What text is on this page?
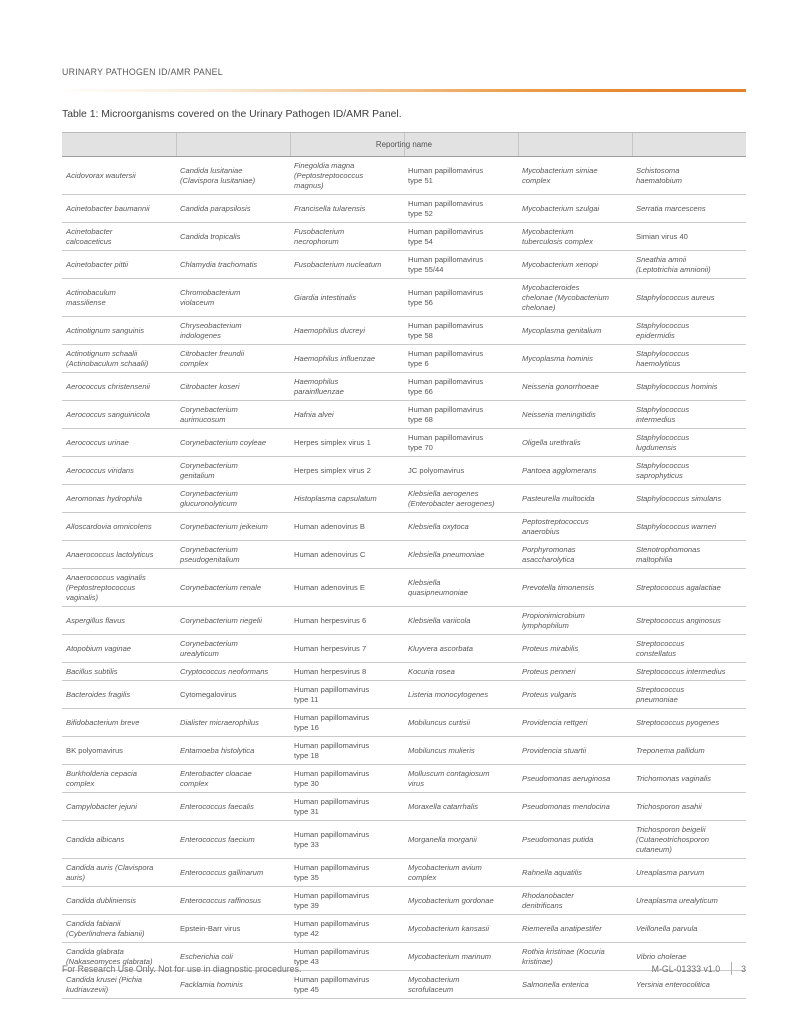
URINARY PATHOGEN ID/AMR PANEL
Table 1: Microorganisms covered on the Urinary Pathogen ID/AMR Panel.
Reporting name					
Acidovorax wautersii	Candida lusitaniae (Clavispora lusitaniae)	Finegoldia magna (Peptostreptococcus magnus)	Human papillomavirus type 51	Mycobacterium simiae complex	Schistosoma haematobium
Acinetobacter baumannii	Candida parapsilosis	Francisella tularensis	Human papillomavirus type 52	Mycobacterium szulgai	Serratia marcescens
Acinetobacter calcoaceticus	Candida tropicalis	Fusobacterium necrophorum	Human papillomavirus type 54	Mycobacterium tuberculosis complex	Simian virus 40
Acinetobacter pittii	Chlamydia trachomatis	Fusobacterium nucleatum	Human papillomavirus type 55/44	Mycobacterium xenopi	Sneathia amnii (Leptotrichia amnionii)
Actinobaculum massiliense	Chromobacterium violaceum	Giardia intestinalis	Human papillomavirus type 56	Mycobacteroides chelonae (Mycobacterium chelonae)	Staphylococcus aureus
Actinotignum sanguinis	Chryseobacterium indologenes	Haemophilus ducreyi	Human papillomavirus type 58	Mycoplasma genitalium	Staphylococcus epidermidis
Actinotignum schaalii (Actinobaculum schaalii)	Citrobacter freundii complex	Haemophilus influenzae	Human papillomavirus type 6	Mycoplasma hominis	Staphylococcus haemolyticus
Aerococcus christensenii	Citrobacter koseri	Haemophilus parainfluenzae	Human papillomavirus type 66	Neisseria gonorrhoeae	Staphylococcus hominis
Aerococcus sanguinicola	Corynebacterium aurimucosum	Hafnia alvei	Human papillomavirus type 68	Neisseria meningitidis	Staphylococcus intermedius
Aerococcus urinae	Corynebacterium coyleae	Herpes simplex virus 1	Human papillomavirus type 70	Oligella urethralis	Staphylococcus lugdunensis
Aerococcus viridans	Corynebacterium genitalium	Herpes simplex virus 2	JC polyomavirus	Pantoea agglomerans	Staphylococcus saprophyticus
Aeromonas hydrophila	Corynebacterium glucuronolyticum	Histoplasma capsulatum	Klebsiella aerogenes (Enterobacter aerogenes)	Pasteurella multocida	Staphylococcus simulans
Alloscardovia omnicolens	Corynebacterium jeikeium	Human adenovirus B	Klebsiella oxytoca	Peptostreptococcus anaerobius	Staphylococcus warneri
Anaerococcus lactolyticus	Corynebacterium pseudogenitalium	Human adenovirus C	Klebsiella pneumoniae	Porphyromonas asaccharolytica	Stenotrophomonas maltophilia
Anaerococcus vaginalis (Peptostreptococcus vaginalis)	Corynebacterium renale	Human adenovirus E	Klebsiella quasipneumoniae	Prevotella timonensis	Streptococcus agalactiae
Aspergillus flavus	Corynebacterium riegelii	Human herpesvirus 6	Klebsiella variicola	Propionimicrobium lymphophilum	Streptococcus anginosus
Atopobium vaginae	Corynebacterium urealyticum	Human herpesvirus 7	Kluyvera ascorbata	Proteus mirabilis	Streptococcus constellatus
Bacillus subtilis	Cryptococcus neoformans	Human herpesvirus 8	Kocuria rosea	Proteus penneri	Streptococcus intermedius
Bacteroides fragilis	Cytomegalovirus	Human papillomavirus type 11	Listeria monocytogenes	Proteus vulgaris	Streptococcus pneumoniae
Bifidobacterium breve	Dialister micraerophilus	Human papillomavirus type 16	Mobiluncus curtisii	Providencia rettgeri	Streptococcus pyogenes
BK polyomavirus	Entamoeba histolytica	Human papillomavirus type 18	Mobiluncus mulieris	Providencia stuartii	Treponema pallidum
Burkholderia cepacia complex	Enterobacter cloacae complex	Human papillomavirus type 30	Molluscum contagiosum virus	Pseudomonas aeruginosa	Trichomonas vaginalis
Campylobacter jejuni	Enterococcus faecalis	Human papillomavirus type 31	Moraxella catarrhalis	Pseudomonas mendocina	Trichosporon asahii
Candida albicans	Enterococcus faecium	Human papillomavirus type 33	Morganella morganii	Pseudomonas putida	Trichosporon beigelii (Cutaneotrichosporon cutaneum)
Candida auris (Clavispora auris)	Enterococcus gallinarum	Human papillomavirus type 35	Mycobacterium avium complex	Rahnella aquatilis	Ureaplasma parvum
Candida dubliniensis	Enterococcus raffinosus	Human papillomavirus type 39	Mycobacterium gordonae	Rhodanobacter denitrificans	Ureaplasma urealyticum
Candida fabianii (Cyberlindnera fabianii)	Epstein-Barr virus	Human papillomavirus type 42	Mycobacterium kansasii	Riemerella anatipestifer	Veillonella parvula
Candida glabrata (Nakaseomyces glabrata)	Escherichia coli	Human papillomavirus type 43	Mycobacterium marinum	Rothia kristinae (Kocuria kristinae)	Vibrio cholerae
Candida krusei (Pichia kudriavzevii)	Facklamia hominis	Human papillomavirus type 45	Mycobacterium scrofulaceum	Salmonella enterica	Yersinia enterocolitica
For Research Use Only. Not for use in diagnostic procedures.	M-GL-01333 v1.0 3
